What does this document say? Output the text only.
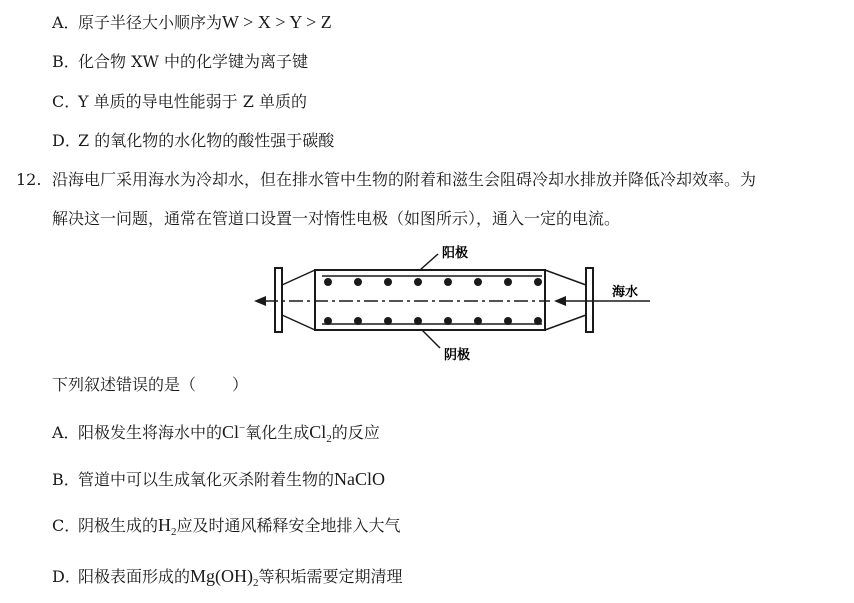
A．原子半径大小顺序为W > X > Y > Z
B．化合物 XW 中的化学键为离子键
C．Y 单质的导电性能弱于 Z 单质的
D．Z 的氧化物的水化物的酸性强于碳酸
12. 沿海电厂采用海水为冷却水，但在排水管中生物的附着和滋生会阻碍冷却水排放并降低冷却效率。为
解决这一问题，通常在管道口设置一对惰性电极（如图所示），通入一定的电流。
阳极
阴极
海水
下列叙述错误的是（ ）
A．阳极发生将海水中的Cl−氧化生成$Cl_2$的反应
B．管道中可以生成氧化灭杀附着生物的NaClO
C．阴极生成的$H_2$应及时通风稀释安全地排入大气
D．阳极表面形成的$Mg(OH)_2$等积垢需要定期清理
